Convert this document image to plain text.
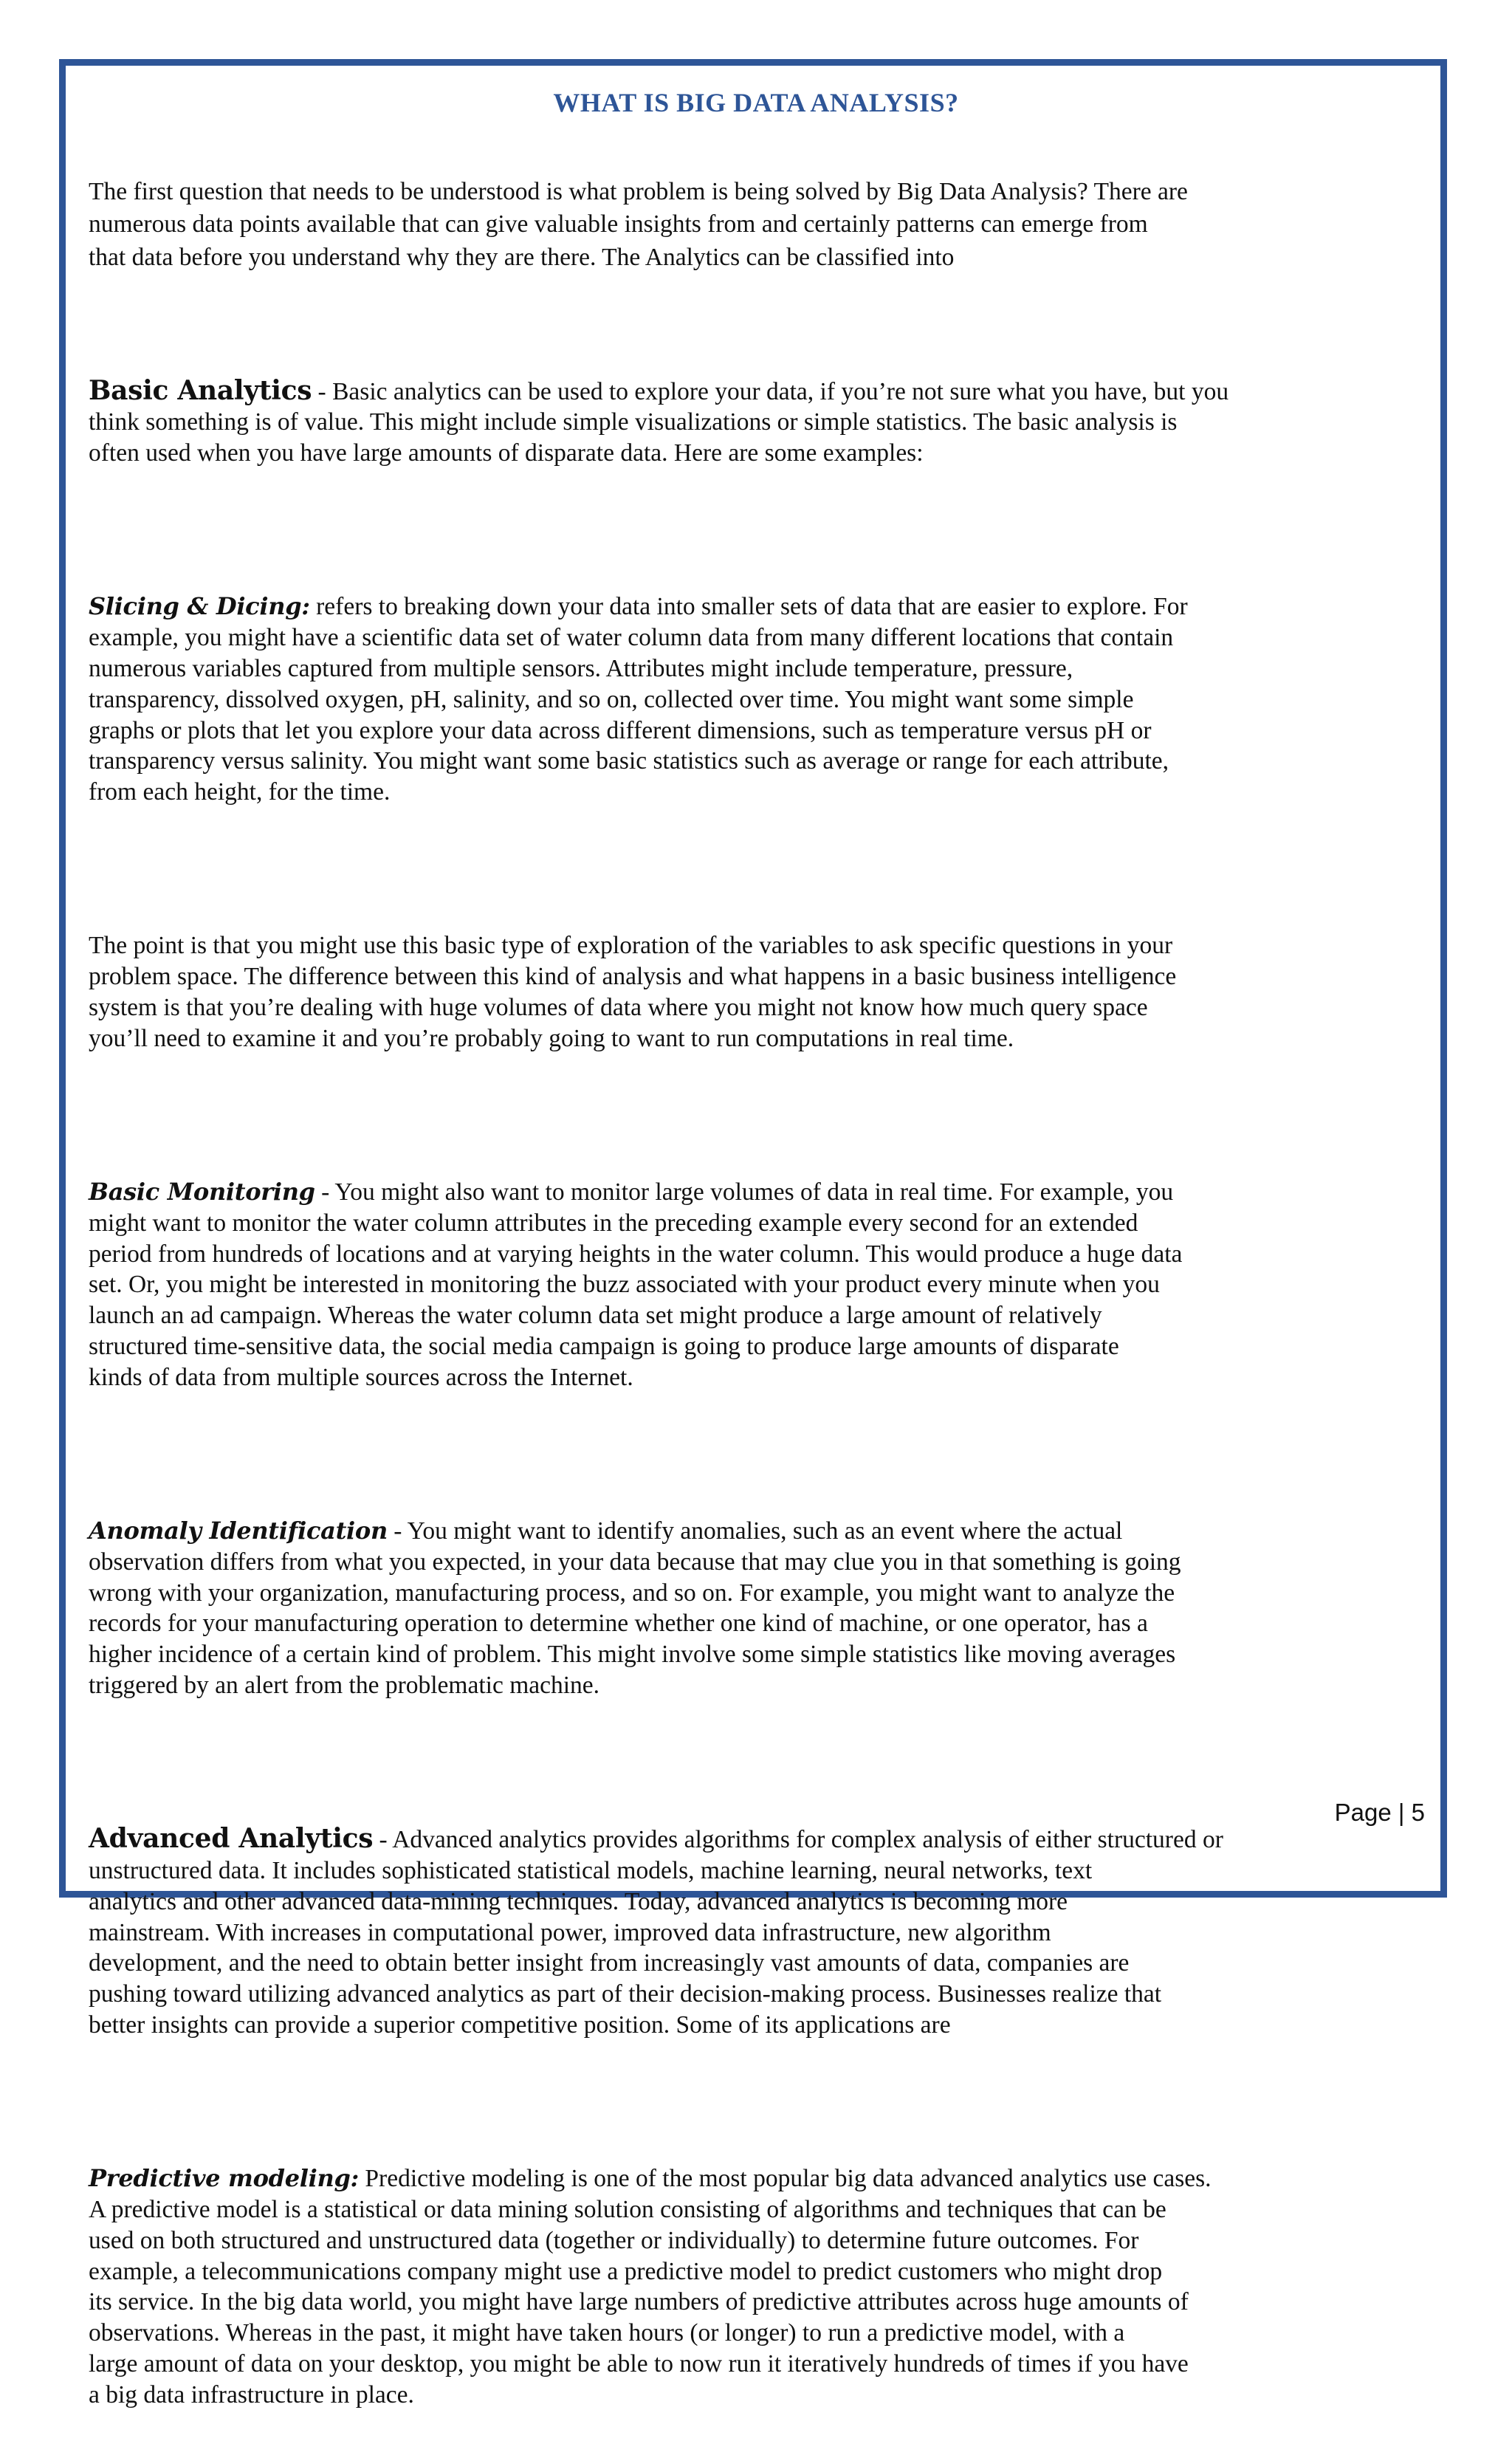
WHAT IS BIG DATA ANALYSIS?

The first question that needs to be understood is what problem is being solved by Big Data Analysis? There are
numerous data points available that can give valuable insights from and certainly patterns can emerge from
that data before you understand why they are there. The Analytics can be classified into

Basic Analytics - Basic analytics can be used to explore your data, if you’re not sure what you have, but you
think something is of value. This might include simple visualizations or simple statistics. The basic analysis is
often used when you have large amounts of disparate data. Here are some examples:

Slicing & Dicing: refers to breaking down your data into smaller sets of data that are easier to explore. For
example, you might have a scientific data set of water column data from many different locations that contain
numerous variables captured from multiple sensors. Attributes might include temperature, pressure,
transparency, dissolved oxygen, pH, salinity, and so on, collected over time. You might want some simple
graphs or plots that let you explore your data across different dimensions, such as temperature versus pH or
transparency versus salinity. You might want some basic statistics such as average or range for each attribute,
from each height, for the time.

The point is that you might use this basic type of exploration of the variables to ask specific questions in your
problem space. The difference between this kind of analysis and what happens in a basic business intelligence
system is that you’re dealing with huge volumes of data where you might not know how much query space
you’ll need to examine it and you’re probably going to want to run computations in real time.

Basic Monitoring - You might also want to monitor large volumes of data in real time. For example, you
might want to monitor the water column attributes in the preceding example every second for an extended
period from hundreds of locations and at varying heights in the water column. This would produce a huge data
set. Or, you might be interested in monitoring the buzz associated with your product every minute when you
launch an ad campaign. Whereas the water column data set might produce a large amount of relatively
structured time-sensitive data, the social media campaign is going to produce large amounts of disparate
kinds of data from multiple sources across the Internet.

Anomaly Identification - You might want to identify anomalies, such as an event where the actual
observation differs from what you expected, in your data because that may clue you in that something is going
wrong with your organization, manufacturing process, and so on. For example, you might want to analyze the
records for your manufacturing operation to determine whether one kind of machine, or one operator, has a
higher incidence of a certain kind of problem. This might involve some simple statistics like moving averages
triggered by an alert from the problematic machine.

Advanced Analytics - Advanced analytics provides algorithms for complex analysis of either structured or
unstructured data. It includes sophisticated statistical models, machine learning, neural networks, text
analytics and other advanced data-mining techniques. Today, advanced analytics is becoming more
mainstream. With increases in computational power, improved data infrastructure, new algorithm
development, and the need to obtain better insight from increasingly vast amounts of data, companies are
pushing toward utilizing advanced analytics as part of their decision-making process. Businesses realize that
better insights can provide a superior competitive position. Some of its applications are

Predictive modeling: Predictive modeling is one of the most popular big data advanced analytics use cases.
A predictive model is a statistical or data mining solution consisting of algorithms and techniques that can be
used on both structured and unstructured data (together or individually) to determine future outcomes. For
example, a telecommunications company might use a predictive model to predict customers who might drop
its service. In the big data world, you might have large numbers of predictive attributes across huge amounts of
observations. Whereas in the past, it might have taken hours (or longer) to run a predictive model, with a
large amount of data on your desktop, you might be able to now run it iteratively hundreds of times if you have
a big data infrastructure in place.

Page | 5
